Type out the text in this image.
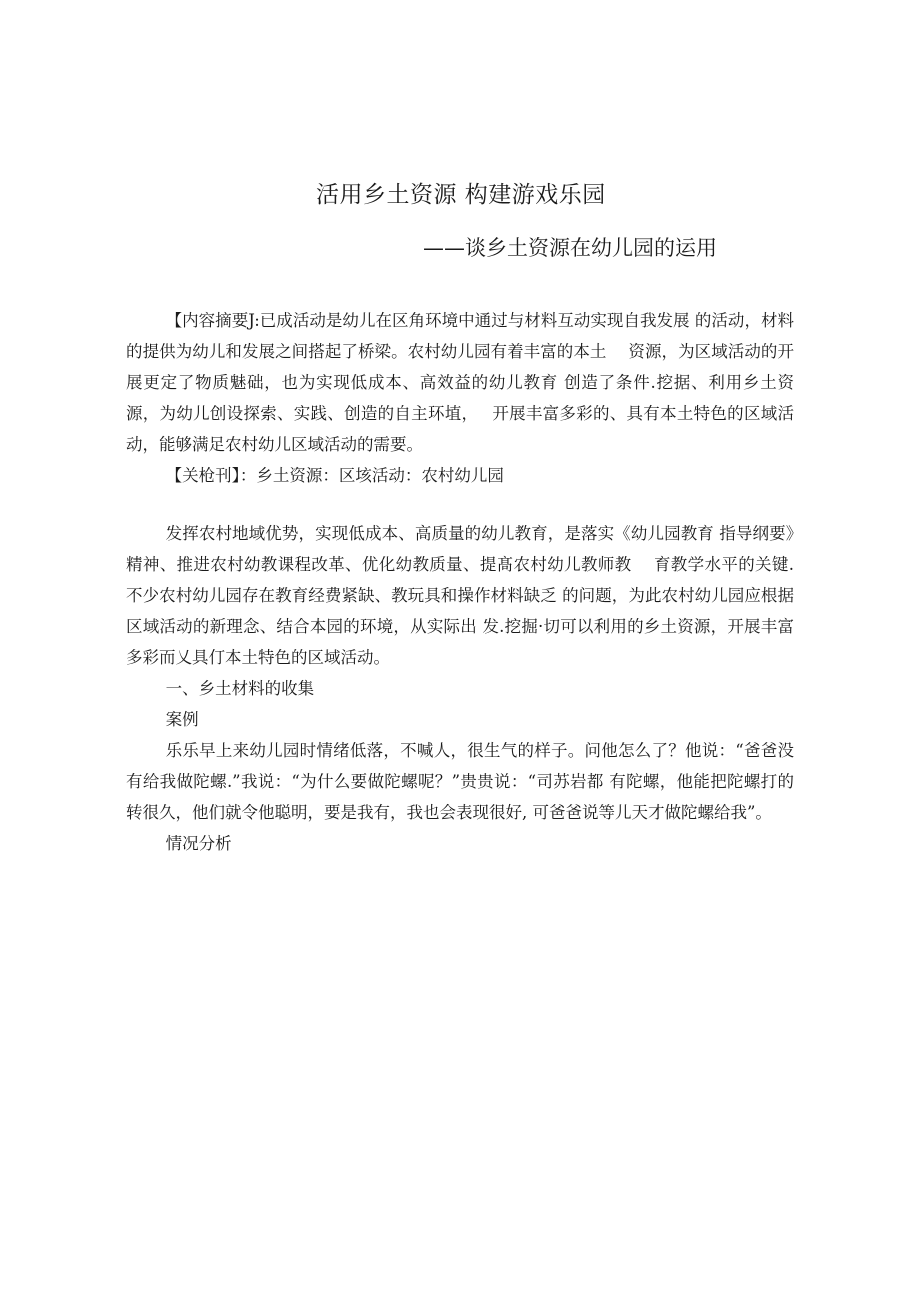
活用乡土资源 构建游戏乐园
——谈乡土资源在幼儿园的运用

【内容摘要J:已成活动是幼儿在区角环境中通过与材料互动实现自我发展 的活动，材料的提供为幼儿和发展之间搭起了桥梁。农村幼儿园有着丰富的本土　 资源，为区域活动的开展更定了物质魅础，也为实现低成本、高效益的幼儿教育 创造了条件.挖据、利用乡土资源，为幼儿创设探索、实践、创造的自主环埴，　 开展丰富多彩的、具有本土特色的区域活动，能够满足农村幼儿区域活动的需要。

【关枪刊】：乡土资源：区垓活动：农村幼儿园

发挥农村地域优势，实现低成本、高质量的幼儿教育，是落实《幼儿园教育 指导纲要》精神、推进农村幼教课程改革、优化幼教质量、提髙农村幼儿教师教　 育教学水平的关键.不少农村幼儿园存在教育经费紧缺、教玩具和操作材料缺乏 的问题，为此农村幼儿园应根据区域活动的新理念、结合本园的环境，从实际出 发.挖掘·切可以利用的乡土资源，开展丰富多彩而乂具仃本土特色的区域活动。

一、乡土材料的收集

案例

乐乐早上来幼儿园时情绪低落，不喊人，很生气的样子。问他怎么了？他说：“爸爸没有给我做陀螺.”我说：“为什么要做陀螺呢？”贵贵说：“司苏岩都 有陀螺，他能把陀螺打的转很久，他们就令他聪明，要是我有，我也会表现很好, 可爸爸说等儿天才做陀螺给我”。

情况分析
